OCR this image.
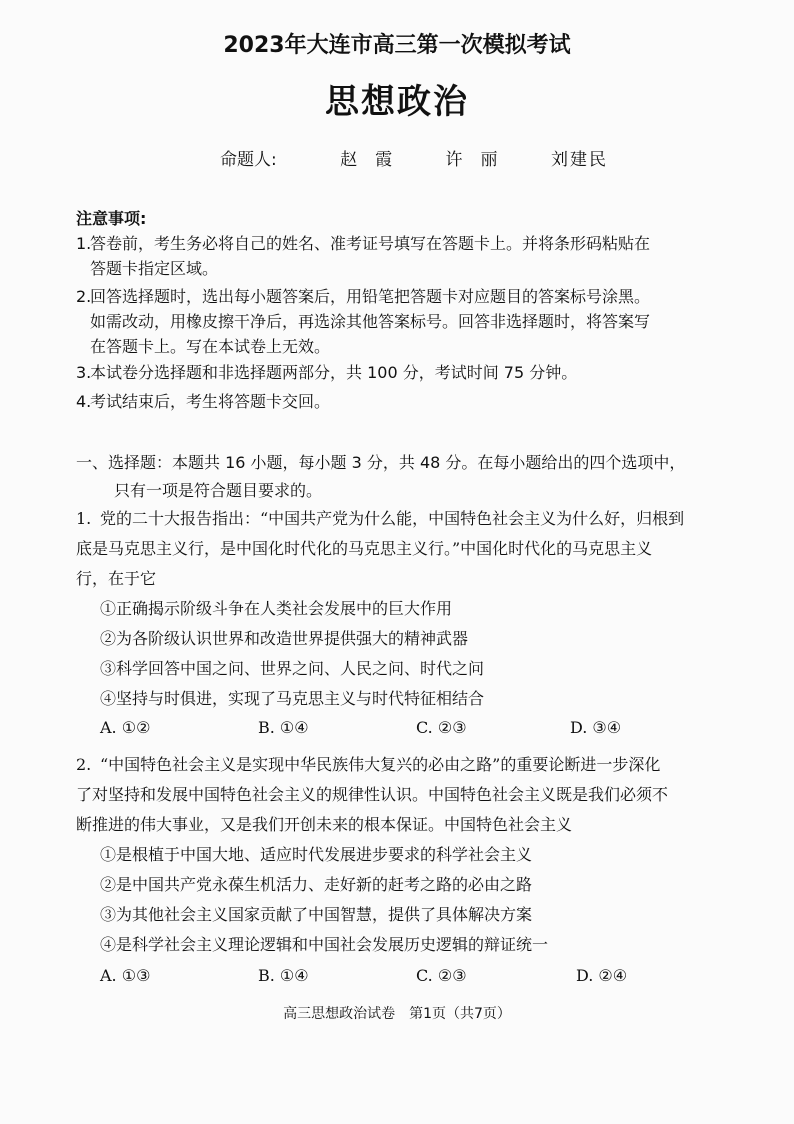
2023年大连市高三第一次模拟考试
思想政治
命题人:	赵霞 许丽 刘建民
注意事项:
1.答卷前，考生务必将自己的姓名、准考证号填写在答题卡上。并将条形码粘贴在
答题卡指定区域。
2.回答选择题时，选出每小题答案后，用铅笔把答题卡对应题目的答案标号涂黑。
如需改动，用橡皮擦干净后，再选涂其他答案标号。回答非选择题时，将答案写
在答题卡上。写在本试卷上无效。
3.本试卷分选择题和非选择题两部分，共 100 分，考试时间 75 分钟。
4.考试结束后，考生将答题卡交回。
一、选择题：本题共 16 小题，每小题 3 分，共 48 分。在每小题给出的四个选项中，
只有一项是符合题目要求的。
1. 党的二十大报告指出：“中国共产党为什么能，中国特色社会主义为什么好，归根到
底是马克思主义行，是中国化时代化的马克思主义行。”中国化时代化的马克思主义
行，在于它
①正确揭示阶级斗争在人类社会发展中的巨大作用
②为各阶级认识世界和改造世界提供强大的精神武器
③科学回答中国之问、世界之问、人民之问、时代之问
④坚持与时俱进，实现了马克思主义与时代特征相结合
A. ①②	B. ①④	C. ②③	D. ③④
2. “中国特色社会主义是实现中华民族伟大复兴的必由之路”的重要论断进一步深化
了对坚持和发展中国特色社会主义的规律性认识。中国特色社会主义既是我们必须不
断推进的伟大事业，又是我们开创未来的根本保证。中国特色社会主义
①是根植于中国大地、适应时代发展进步要求的科学社会主义
②是中国共产党永葆生机活力、走好新的赶考之路的必由之路
③为其他社会主义国家贡献了中国智慧，提供了具体解决方案
④是科学社会主义理论逻辑和中国社会发展历史逻辑的辩证统一
A. ①③	B. ①④	C. ②③	D. ②④
高三思想政治试卷　第1页（共7页）
